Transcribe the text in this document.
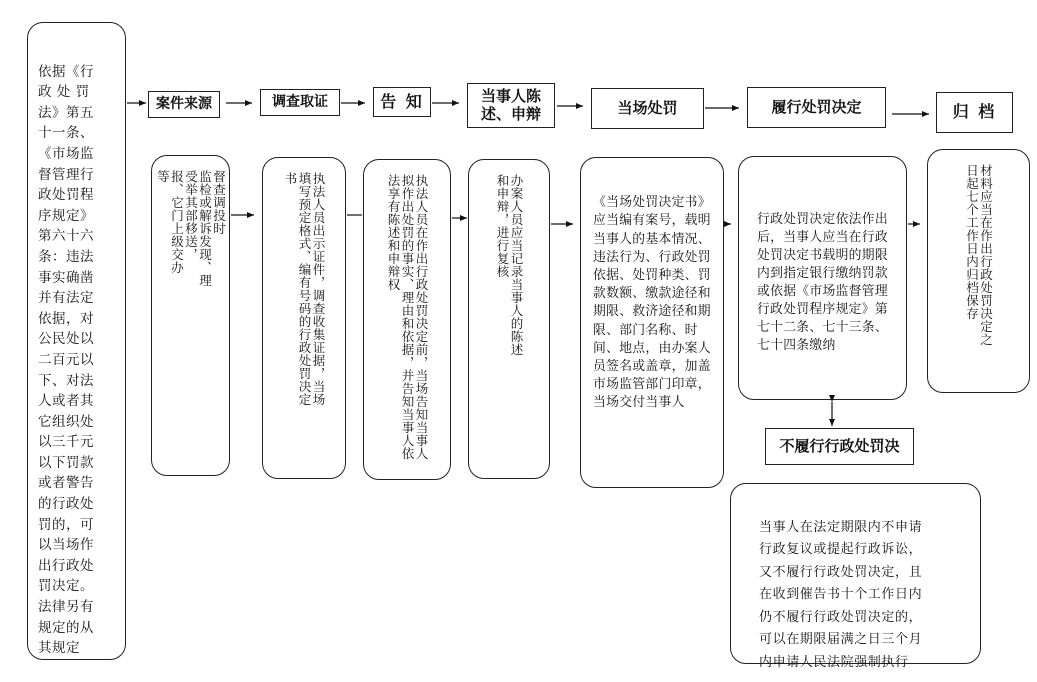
依据《行
政 处 罚
法》第五
十一条、
《市场监
督管理行
政处罚程
序规定》
第六十六
条：违法
事实确凿
并有法定
依据，对
公民处以
二百元以
下、对法
人或者其
它组织处
以三千元
以下罚款
或者警告
的行政处
罚的，可
以当场作
出行政处
罚决定。
法律另有
规定的从
其规定

案件来源	调查取证	告 知	当事人陈述、申辩	当场处罚	履行处罚决定	归 档
督查调投时
监检或解诉发现、理
受举其部移送，
报、它门上级交办
等	执法人员出示证件，调查收集证据，当场填写预定格式、编有号码的行政处罚决定书	执法人员在作出行政处罚决定前，当场告知当事人拟作出处罚的事实、理由和依据，并告知当事人依法享有陈述和申辩权	办案人员应当记录当事人的陈述和申辩，进行复核	《当场处罚决定书》应当编有案号，载明当事人的基本情况、违法行为、行政处罚依据、处罚种类、罚款数额、缴款途径和期限、救济途径和期限、部门名称、时间、地点，由办案人员签名或盖章，加盖市场监管部门印章，当场交付当事人

行政处罚决定依法作出后，当事人应当在行政处罚决定书载明的期限内到指定银行缴纳罚款或依据《市场监督管理行政处罚程序规定》第七十二条、七十三条、七十四条缴纳	材料应当在作出行政处罚决定之日起七个工作日内归档保存
不履行行政处罚决

当事人在法定期限内不申请
行政复议或提起行政诉讼，
又不履行行政处罚决定，且
在收到催告书十个工作日内
仍不履行行政处罚决定的，
可以在期限届满之日三个月
内申请人民法院强制执行
